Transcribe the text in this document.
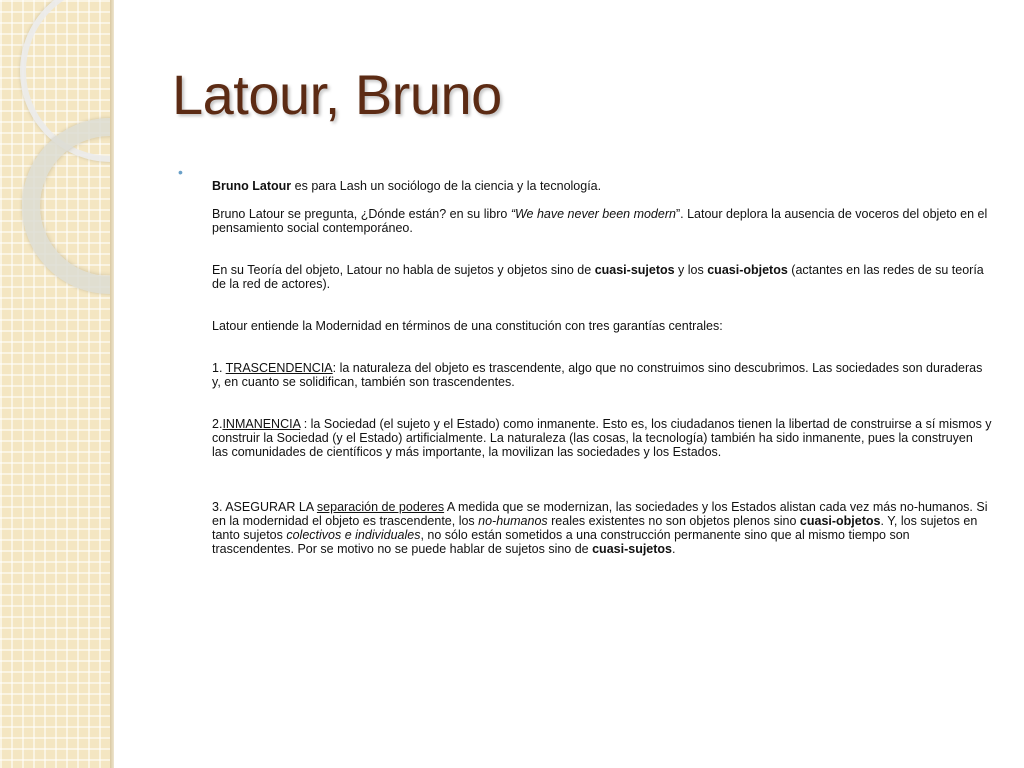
Latour, Bruno
•

Bruno Latour es para Lash un sociólogo de la ciencia y la tecnología.

Bruno Latour se pregunta, ¿Dónde están? en su libro “We have never been modern”. Latour deplora la ausencia de voceros del objeto en el pensamiento social contemporáneo.

En su Teoría del objeto, Latour no habla de sujetos y objetos sino de cuasi-sujetos y los cuasi-objetos (actantes en las redes de su teoría de la red de actores).

Latour entiende la Modernidad en términos de una constitución con tres garantías centrales:

1. TRASCENDENCIA: la naturaleza del objeto es trascendente, algo que no construimos sino descubrimos. Las sociedades son duraderas y, en cuanto se solidifican, también son trascendentes.

2.INMANENCIA : la Sociedad (el sujeto y el Estado) como inmanente. Esto es, los ciudadanos tienen la libertad de construirse a sí mismos y construir la Sociedad (y el Estado) artificialmente. La naturaleza (las cosas, la tecnología) también ha sido inmanente, pues la construyen las comunidades de científicos y más importante, la movilizan las sociedades y los Estados.

3. ASEGURAR LA separación de poderes A medida que se modernizan, las sociedades y los Estados alistan cada vez más no-humanos. Si en la modernidad el objeto es trascendente, los no-humanos reales existentes no son objetos plenos sino cuasi-objetos. Y, los sujetos en tanto sujetos colectivos e individuales, no sólo están sometidos a una construcción permanente sino que al mismo tiempo son trascendentes. Por se motivo no se puede hablar de sujetos sino de cuasi-sujetos.
